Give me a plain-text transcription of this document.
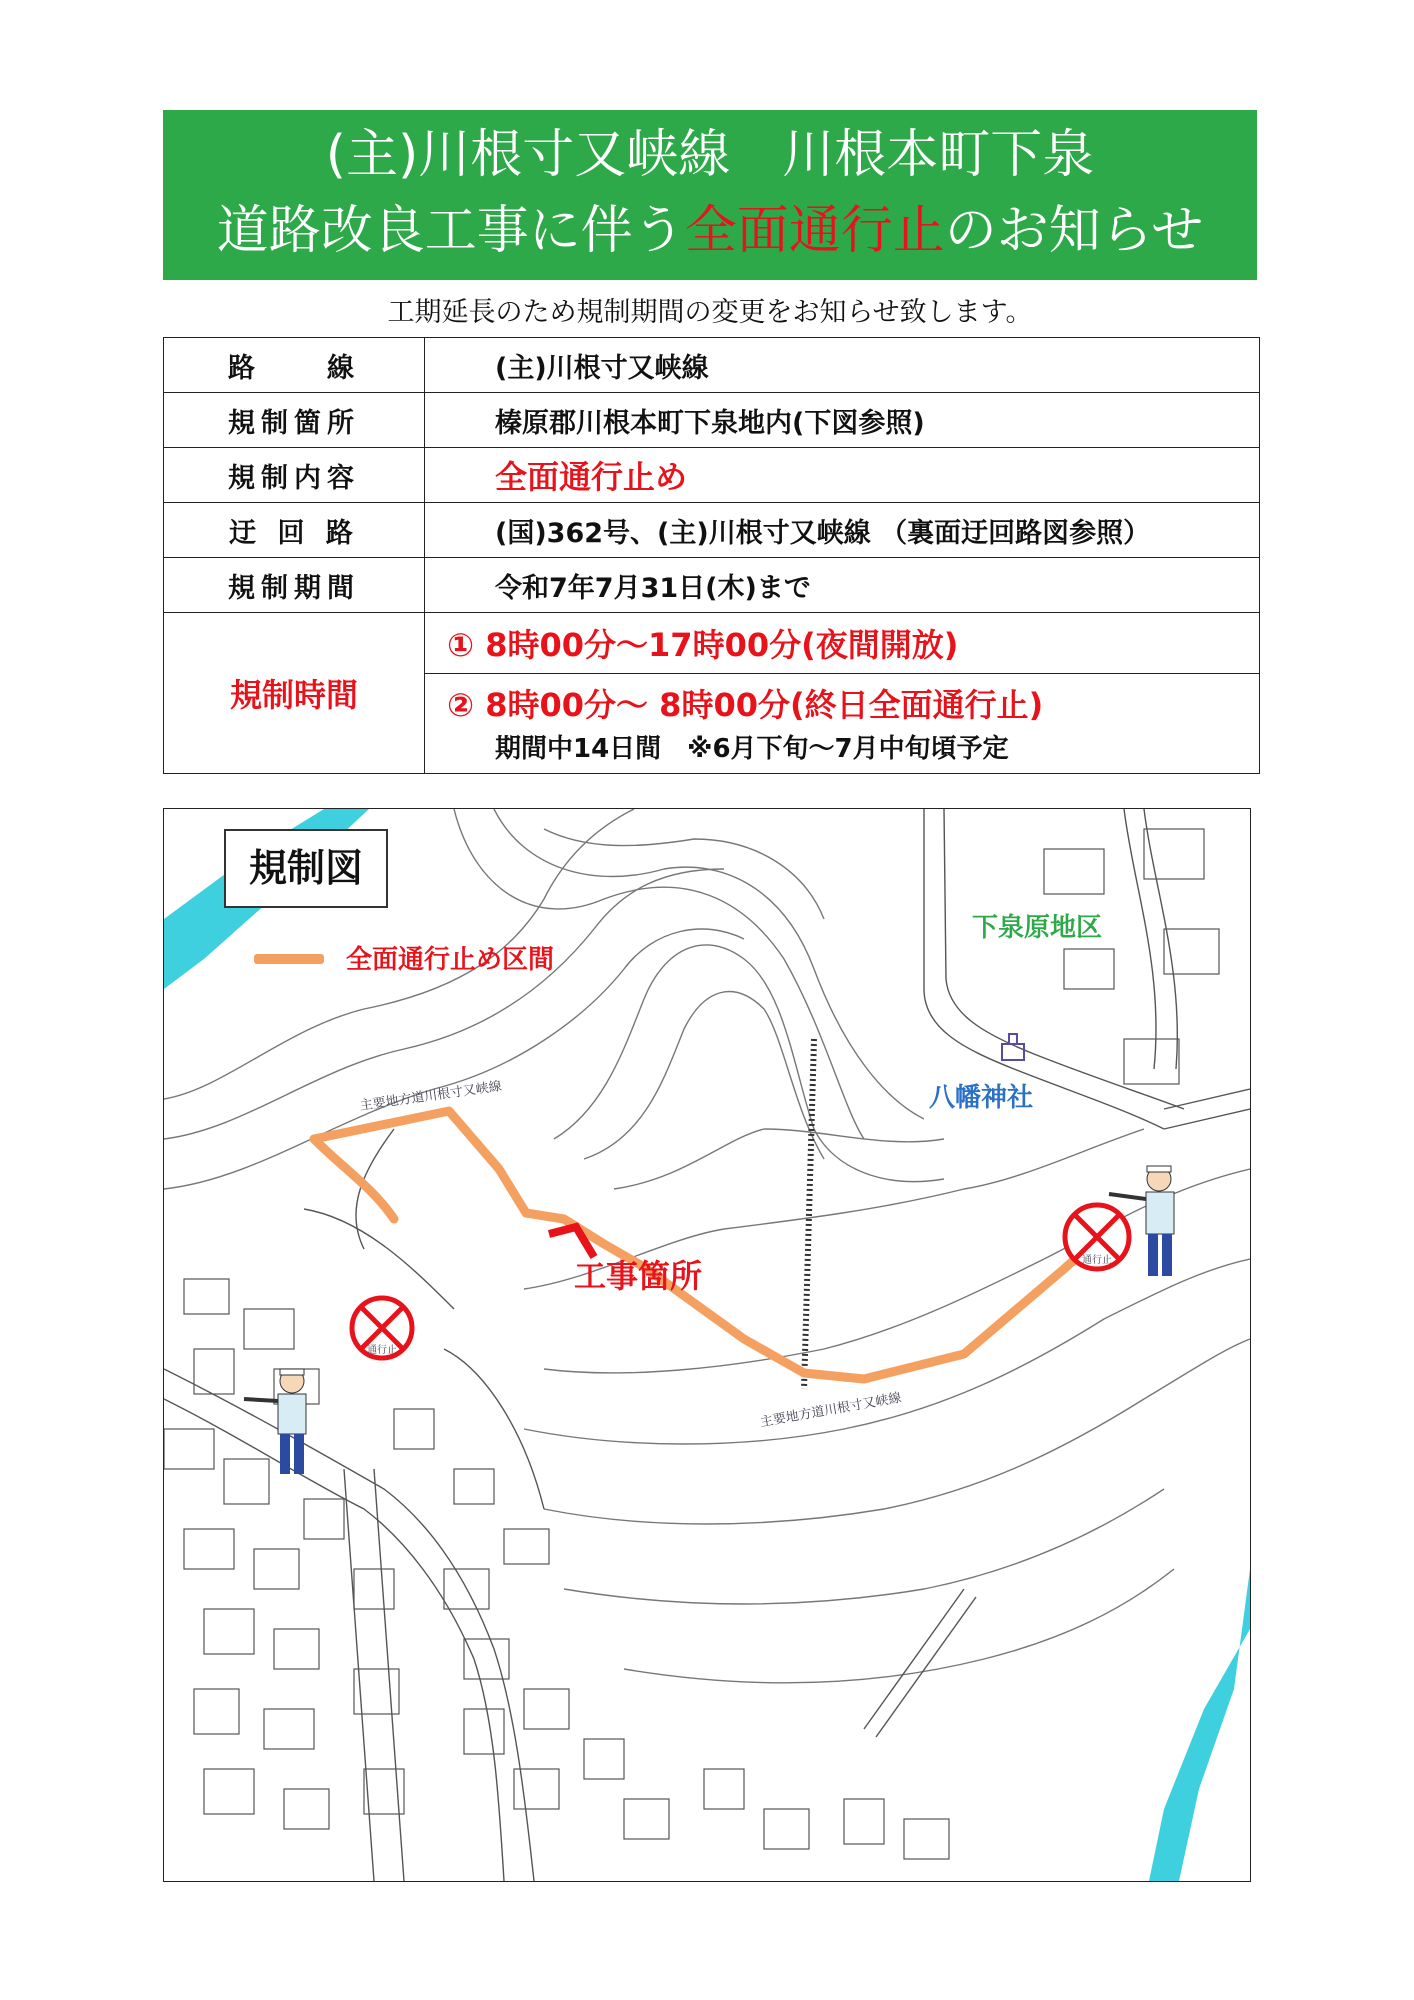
(主)川根寸又峡線　川根本町下泉
道路改良工事に伴う全面通行止のお知らせ
工期延長のため規制期間の変更をお知らせ致します。
路　　線	(主)川根寸又峡線
規制箇所	榛原郡川根本町下泉地内(下図参照)
規制内容	全面通行止め
迂 回 路	(国)362号、(主)川根寸又峡線 （裏面迂回路図参照）
規制期間	令和7年7月31日(木)まで
規制時間	① 8時00分～17時00分(夜間開放)
	② 8時00分～ 8時00分(終日全面通行止)
期間中14日間　※6月下旬～7月中旬頃予定
規制図
全面通行止め区間
下泉原地区
八幡神社
工事箇所
主要地方道川根寸又峡線
主要地方道川根寸又峡線
通行止
通行止
